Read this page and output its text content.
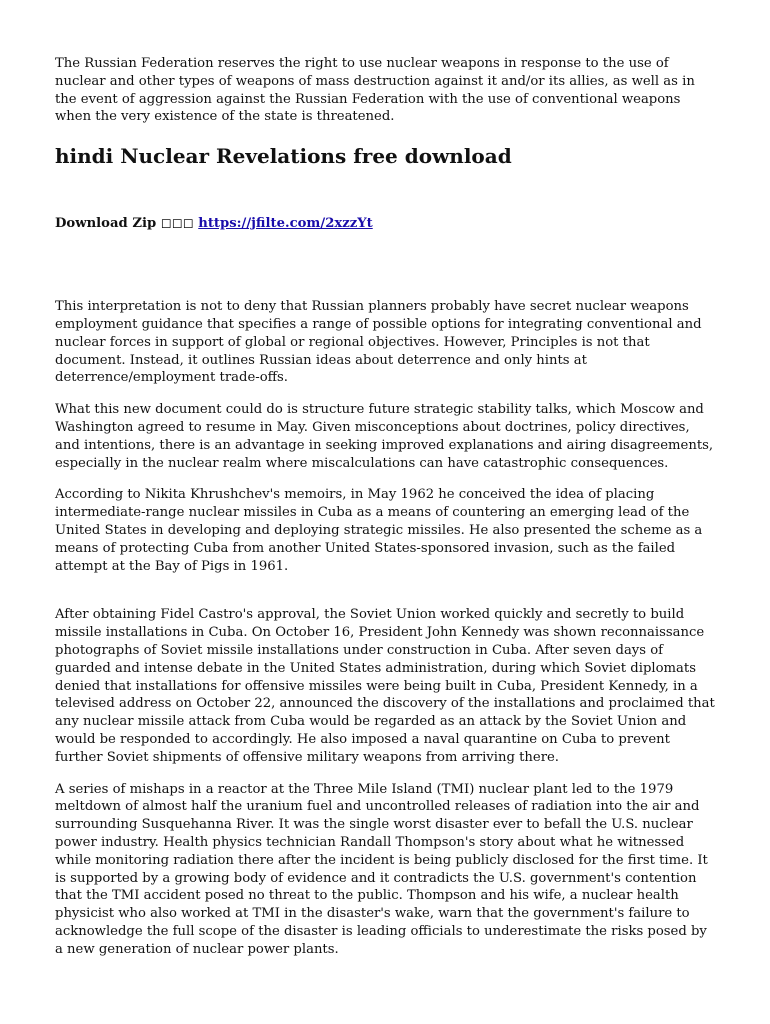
The Russian Federation reserves the right to use nuclear weapons in response to the use of nuclear and other types of weapons of mass destruction against it and/or its allies, as well as in the event of aggression against the Russian Federation with the use of conventional weapons when the very existence of the state is threatened.

hindi Nuclear Revelations free download
Download Zip ◻◻◻ https://jfilte.com/2xzzYt

This interpretation is not to deny that Russian planners probably have secret nuclear weapons employment guidance that specifies a range of possible options for integrating conventional and nuclear forces in support of global or regional objectives. However, Principles is not that document. Instead, it outlines Russian ideas about deterrence and only hints at deterrence/employment trade-offs.

What this new document could do is structure future strategic stability talks, which Moscow and Washington agreed to resume in May. Given misconceptions about doctrines, policy directives, and intentions, there is an advantage in seeking improved explanations and airing disagreements, especially in the nuclear realm where miscalculations can have catastrophic consequences.

According to Nikita Khrushchev's memoirs, in May 1962 he conceived the idea of placing intermediate-range nuclear missiles in Cuba as a means of countering an emerging lead of the United States in developing and deploying strategic missiles. He also presented the scheme as a means of protecting Cuba from another United States-sponsored invasion, such as the failed attempt at the Bay of Pigs in 1961.

After obtaining Fidel Castro's approval, the Soviet Union worked quickly and secretly to build missile installations in Cuba. On October 16, President John Kennedy was shown reconnaissance photographs of Soviet missile installations under construction in Cuba. After seven days of guarded and intense debate in the United States administration, during which Soviet diplomats denied that installations for offensive missiles were being built in Cuba, President Kennedy, in a televised address on October 22, announced the discovery of the installations and proclaimed that any nuclear missile attack from Cuba would be regarded as an attack by the Soviet Union and would be responded to accordingly. He also imposed a naval quarantine on Cuba to prevent further Soviet shipments of offensive military weapons from arriving there.

A series of mishaps in a reactor at the Three Mile Island (TMI) nuclear plant led to the 1979 meltdown of almost half the uranium fuel and uncontrolled releases of radiation into the air and surrounding Susquehanna River. It was the single worst disaster ever to befall the U.S. nuclear power industry. Health physics technician Randall Thompson's story about what he witnessed while monitoring radiation there after the incident is being publicly disclosed for the first time. It is supported by a growing body of evidence and it contradicts the U.S. government's contention that the TMI accident posed no threat to the public. Thompson and his wife, a nuclear health physicist who also worked at TMI in the disaster's wake, warn that the government's failure to acknowledge the full scope of the disaster is leading officials to underestimate the risks posed by a new generation of nuclear power plants.
